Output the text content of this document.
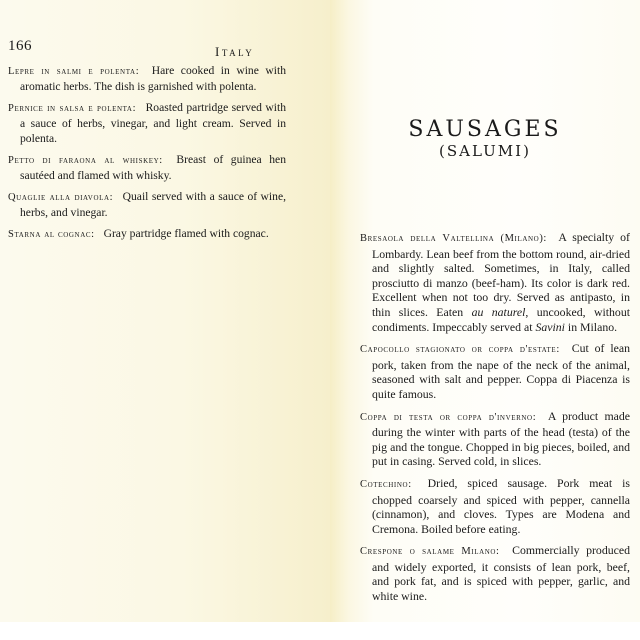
166	Italy

Lepre in salmi e polenta : Hare cooked in wine with aromatic herbs. The dish is garnished with polenta.

Pernice in salsa e polenta : Roasted partridge served with a sauce of herbs, vinegar, and light cream. Served in polenta.

Petto di faraona al whiskey : Breast of guinea hen sautéed and flamed with whisky.

Quaglie alla diavola : Quail served with a sauce of wine, herbs, and vinegar.

Starna al cognac : Gray partridge flamed with cognac.

SAUSAGES
(SALUMI)

Bresaola della Valtellina (Milano) : A specialty of Lombardy. Lean beef from the bottom round, air-dried and slightly salted. Sometimes, in Italy, called prosciutto di manzo (beef-ham). Its color is dark red. Excellent when not too dry. Served as antipasto, in thin slices. Eaten au naturel, uncooked, without condiments. Impeccably served at Savini in Milano.

Capocollo stagionato or coppa d'estate : Cut of lean pork, taken from the nape of the neck of the animal, seasoned with salt and pepper. Coppa di Piacenza is quite famous.

Coppa di testa or coppa d'inverno : A product made during the winter with parts of the head (testa) of the pig and the tongue. Chopped in big pieces, boiled, and put in casing. Served cold, in slices.

Cotechino : Dried, spiced sausage. Pork meat is chopped coarsely and spiced with pepper, cannella (cinnamon), and cloves. Types are Modena and Cremona. Boiled before eating.

Crespone o salame Milano : Commercially produced and widely exported, it consists of lean pork, beef, and pork fat, and is spiced with pepper, garlic, and white wine.
